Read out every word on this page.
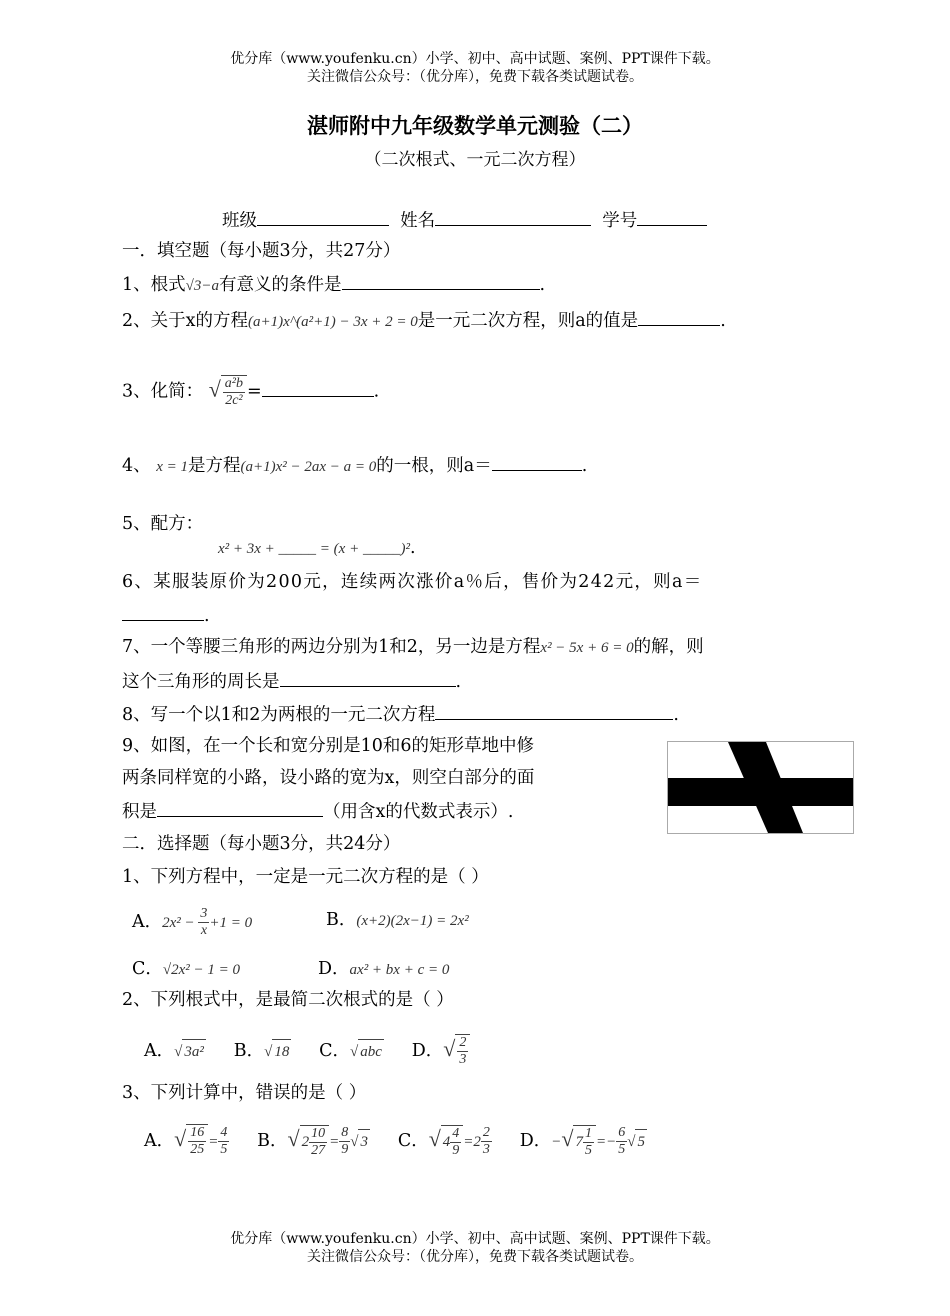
优分库（www.youfenku.cn）小学、初中、高中试题、案例、PPT课件下载。
关注微信公众号：（优分库），免费下载各类试题试卷。
湛师附中九年级数学单元测验（二）
（二次根式、一元二次方程）
班级	姓名	学号
一．填空题（每小题3分，共27分）
1、根式√3−a有意义的条件是	.
2、关于x的方程(a+1)x^(a²+1) − 3x + 2 = 0是一元二次方程，则a的值是	.
3、化简： √ $\frac{\text{a²b}}{\text{2c²}}$ =	.
4、 x = 1是方程(a+1)x² − 2ax − a = 0的一根，则a＝	.
5、配方：
x² + 3x + _____ = (x + _____)².
6、某服装原价为200元，连续两次涨价a％后，售价为242元，则a＝
.
7、一个等腰三角形的两边分别为1和2，另一边是方程x² − 5x + 6 = 0的解，则
这个三角形的周长是	.
8、写一个以1和2为两根的一元二次方程	.
9、如图，在一个长和宽分别是10和6的矩形草地中修
两条同样宽的小路，设小路的宽为x，则空白部分的面
积是	（用含x的代数式表示）.
二．选择题（每小题3分，共24分）
1、下列方程中，一定是一元二次方程的是（ ）
A．$2x^2 - \frac{3}{x} +1 = 0$	B．(x+2)(2x−1) = 2x²
C．√2x² − 1 = 0	D．ax² + bx + c = 0
2、下列根式中，是最简二次根式的是（ ）
A．√ 3a² B．√ 18 C．√ abc D．√ $\frac{2}{3}$
3、下列计算中，错误的是（ ）
A．√ $\frac{16}{25} = \frac{4}{5}$ B．√ $2 \frac{10}{27} = \frac{8}{9}$ √ 3 C．√ $4 \frac{4}{9} =2 \frac{2}{3}$ D．−√ $7 \frac{1}{5} =- \frac{6}{5}$ √ 5
优分库（www.youfenku.cn）小学、初中、高中试题、案例、PPT课件下载。
关注微信公众号：（优分库），免费下载各类试题试卷。
